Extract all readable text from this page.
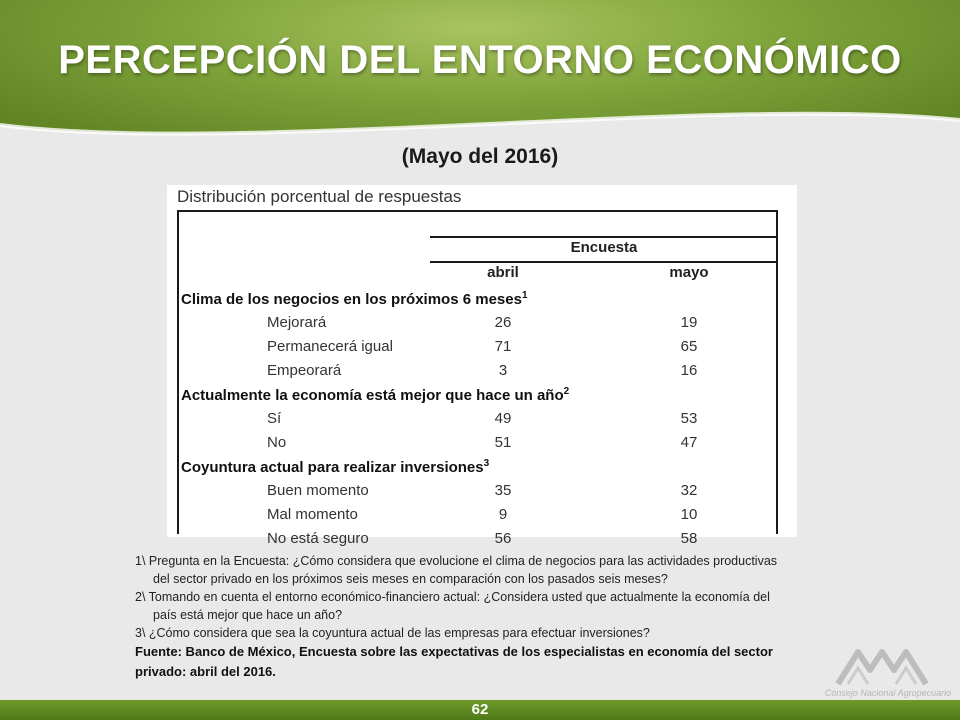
PERCEPCIÓN DEL ENTORNO ECONÓMICO
(Mayo del 2016)
Distribución porcentual de respuestas
Encuesta
abril	mayo
Clima de los negocios en los próximos 6 meses$^1$
Mejorará	26	19
Permanecerá igual	71	65
Empeorará	3	16
Actualmente la economía está mejor que hace un año$^2$
Sí	49	53
No	51	47
Coyuntura actual para realizar inversiones$^3$
Buen momento	35	32
Mal momento	9	10
No está seguro	56	58
1\ Pregunta en la Encuesta: ¿Cómo considera que evolucione el clima de negocios para las actividades productivas
del sector privado en los próximos seis meses en comparación con los pasados seis meses?
2\ Tomando en cuenta el entorno económico-financiero actual: ¿Considera usted que actualmente la economía del
país está mejor que hace un año?
3\ ¿Cómo considera que sea la coyuntura actual de las empresas para efectuar inversiones?
Fuente: Banco de México, Encuesta sobre las expectativas de los especialistas en economía del sector
privado: abril del 2016.
Consejo Nacional Agropecuario
62
